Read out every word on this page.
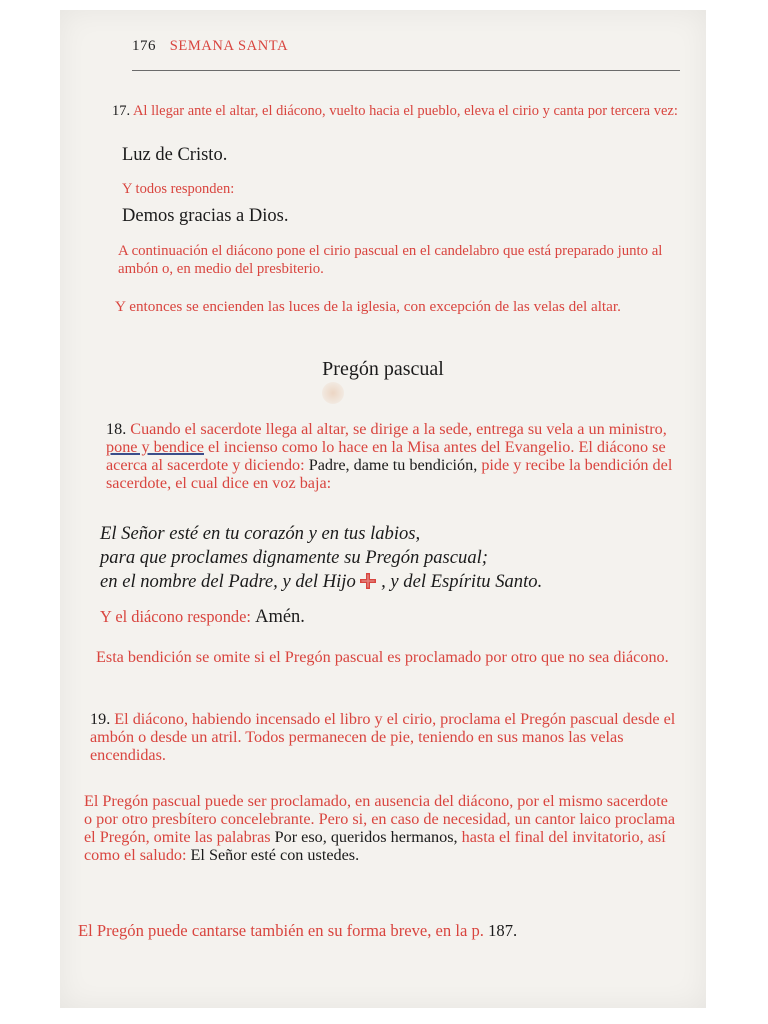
176 SEMANA SANTA
17. Al llegar ante el altar, el diácono, vuelto hacia el pueblo, eleva el cirio y canta por tercera vez:
Luz de Cristo.
Y todos responden:
Demos gracias a Dios.
A continuación el diácono pone el cirio pascual en el candelabro que está preparado junto al ambón o, en medio del presbiterio.
Y entonces se encienden las luces de la iglesia, con excepción de las velas del altar.
Pregón pascual
18. Cuando el sacerdote llega al altar, se dirige a la sede, entrega su vela a un ministro, pone y bendice el incienso como lo hace en la Misa antes del Evangelio. El diácono se acerca al sacerdote y diciendo: Padre, dame tu bendición, pide y recibe la bendición del sacerdote, el cual dice en voz baja:
El Señor esté en tu corazón y en tus labios,
para que proclames dignamente su Pregón pascual;
en el nombre del Padre, y del Hijo , y del Espíritu Santo.
Y el diácono responde: Amén.
Esta bendición se omite si el Pregón pascual es proclamado por otro que no sea diácono.
19. El diácono, habiendo incensado el libro y el cirio, proclama el Pregón pascual desde el ambón o desde un atril. Todos permanecen de pie, teniendo en sus manos las velas encendidas.
El Pregón pascual puede ser proclamado, en ausencia del diácono, por el mismo sacerdote o por otro presbítero concelebrante. Pero si, en caso de necesidad, un cantor laico proclama el Pregón, omite las palabras Por eso, queridos hermanos, hasta el final del invitatorio, así como el saludo: El Señor esté con ustedes.
El Pregón puede cantarse también en su forma breve, en la p. 187.
